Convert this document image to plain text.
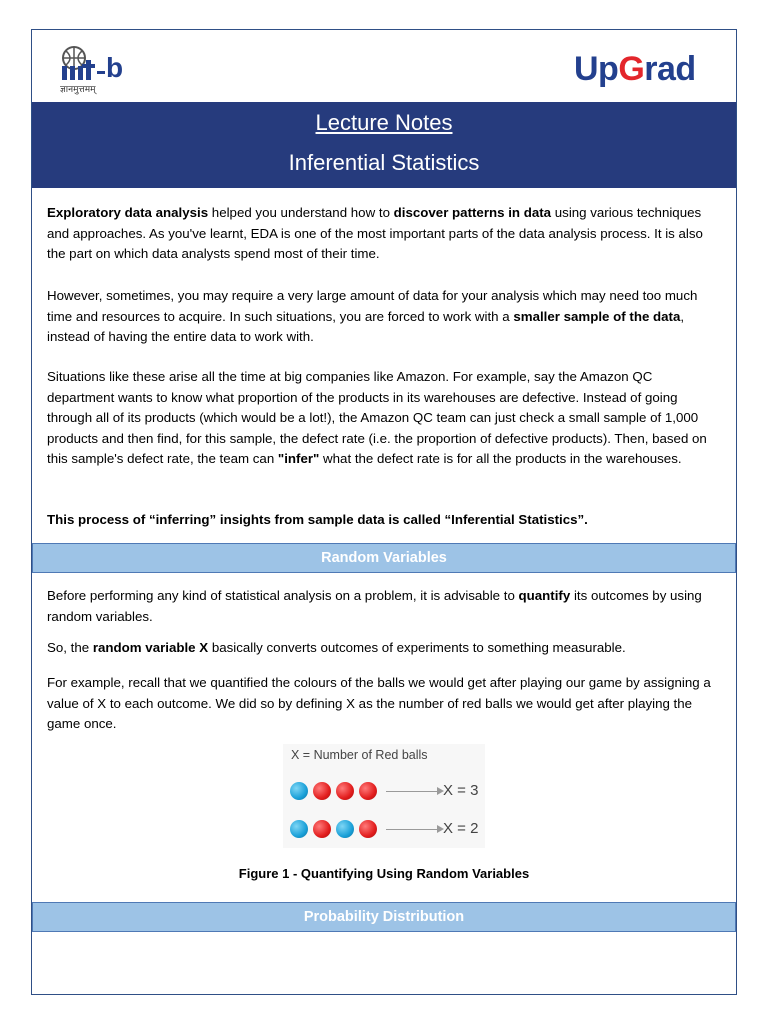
b
ज्ञानमुत्तमम्
UpGrad
Lecture Notes
Inferential Statistics

Exploratory data analysis helped you understand how to discover patterns in data using various techniques and approaches. As you've learnt, EDA is one of the most important parts of the data analysis process. It is also the part on which data analysts spend most of their time.

However, sometimes, you may require a very large amount of data for your analysis which may need too much time and resources to acquire. In such situations, you are forced to work with a smaller sample of the data, instead of having the entire data to work with.

Situations like these arise all the time at big companies like Amazon. For example, say the Amazon QC department wants to know what proportion of the products in its warehouses are defective. Instead of going through all of its products (which would be a lot!), the Amazon QC team can just check a small sample of 1,000 products and then find, for this sample, the defect rate (i.e. the proportion of defective products). Then, based on this sample's defect rate, the team can "infer" what the defect rate is for all the products in the warehouses.

This process of “inferring” insights from sample data is called “Inferential Statistics”.

Random Variables

Before performing any kind of statistical analysis on a problem, it is advisable to quantify its outcomes by using random variables.

So, the random variable X basically converts outcomes of experiments to something measurable.

For example, recall that we quantified the colours of the balls we would get after playing our game by assigning a value of X to each outcome. We did so by defining X as the number of red balls we would get after playing the game once.

X = Number of Red balls
X = 3
X = 2
Figure 1 - Quantifying Using Random Variables
Probability Distribution
